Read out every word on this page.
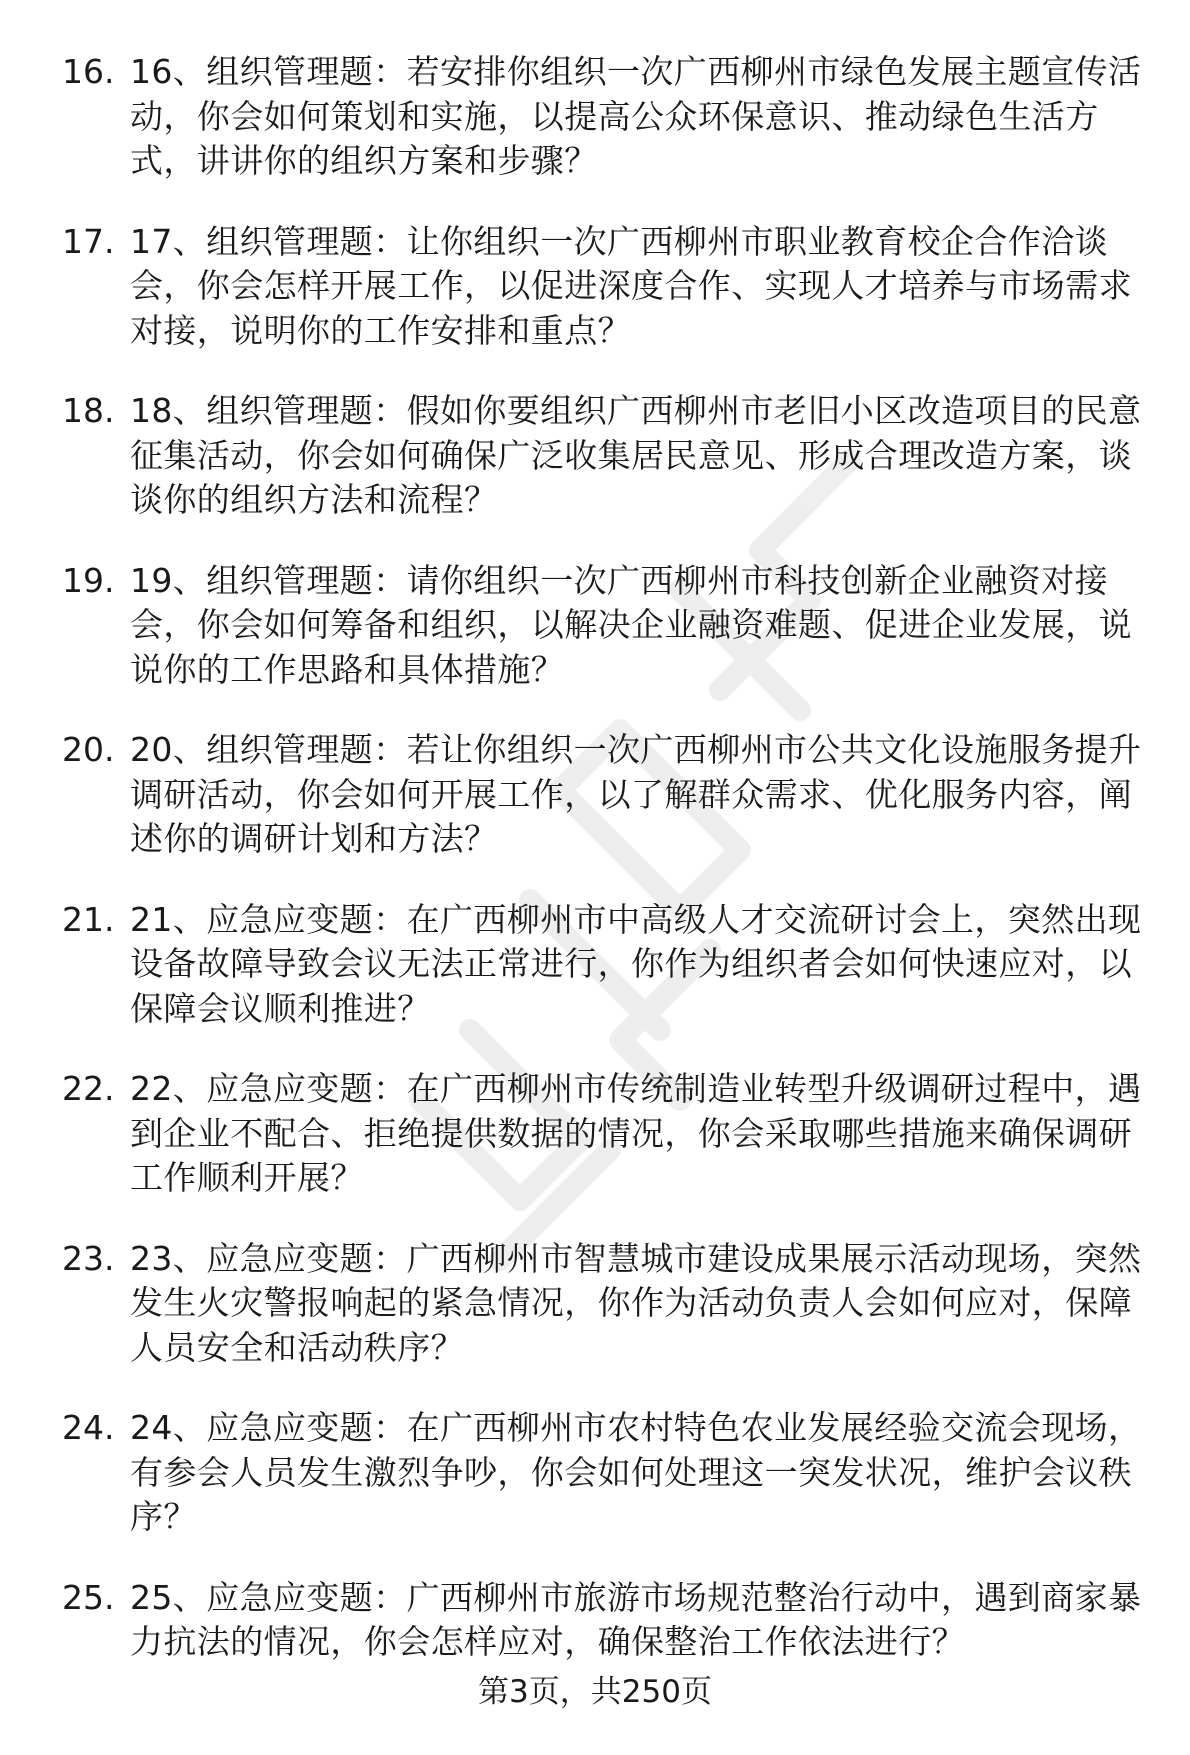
16. 16、组织管理题：若安排你组织一次广西柳州市绿色发展主题宣传活动，你会如何策划和实施，以提高公众环保意识、推动绿色生活方式，讲讲你的组织方案和步骤？
17. 17、组织管理题：让你组织一次广西柳州市职业教育校企合作洽谈会，你会怎样开展工作，以促进深度合作、实现人才培养与市场需求对接，说明你的工作安排和重点？
18. 18、组织管理题：假如你要组织广西柳州市老旧小区改造项目的民意征集活动，你会如何确保广泛收集居民意见、形成合理改造方案，谈谈你的组织方法和流程？
19. 19、组织管理题：请你组织一次广西柳州市科技创新企业融资对接会，你会如何筹备和组织，以解决企业融资难题、促进企业发展，说说你的工作思路和具体措施？
20. 20、组织管理题：若让你组织一次广西柳州市公共文化设施服务提升调研活动，你会如何开展工作，以了解群众需求、优化服务内容，阐述你的调研计划和方法？
21. 21、应急应变题：在广西柳州市中高级人才交流研讨会上，突然出现设备故障导致会议无法正常进行，你作为组织者会如何快速应对，以保障会议顺利推进？
22. 22、应急应变题：在广西柳州市传统制造业转型升级调研过程中，遇到企业不配合、拒绝提供数据的情况，你会采取哪些措施来确保调研工作顺利开展？
23. 23、应急应变题：广西柳州市智慧城市建设成果展示活动现场，突然发生火灾警报响起的紧急情况，你作为活动负责人会如何应对，保障人员安全和活动秩序？
24. 24、应急应变题：在广西柳州市农村特色农业发展经验交流会现场，有参会人员发生激烈争吵，你会如何处理这一突发状况，维护会议秩序？
25. 25、应急应变题：广西柳州市旅游市场规范整治行动中，遇到商家暴力抗法的情况，你会怎样应对，确保整治工作依法进行？
第3页，共250页
